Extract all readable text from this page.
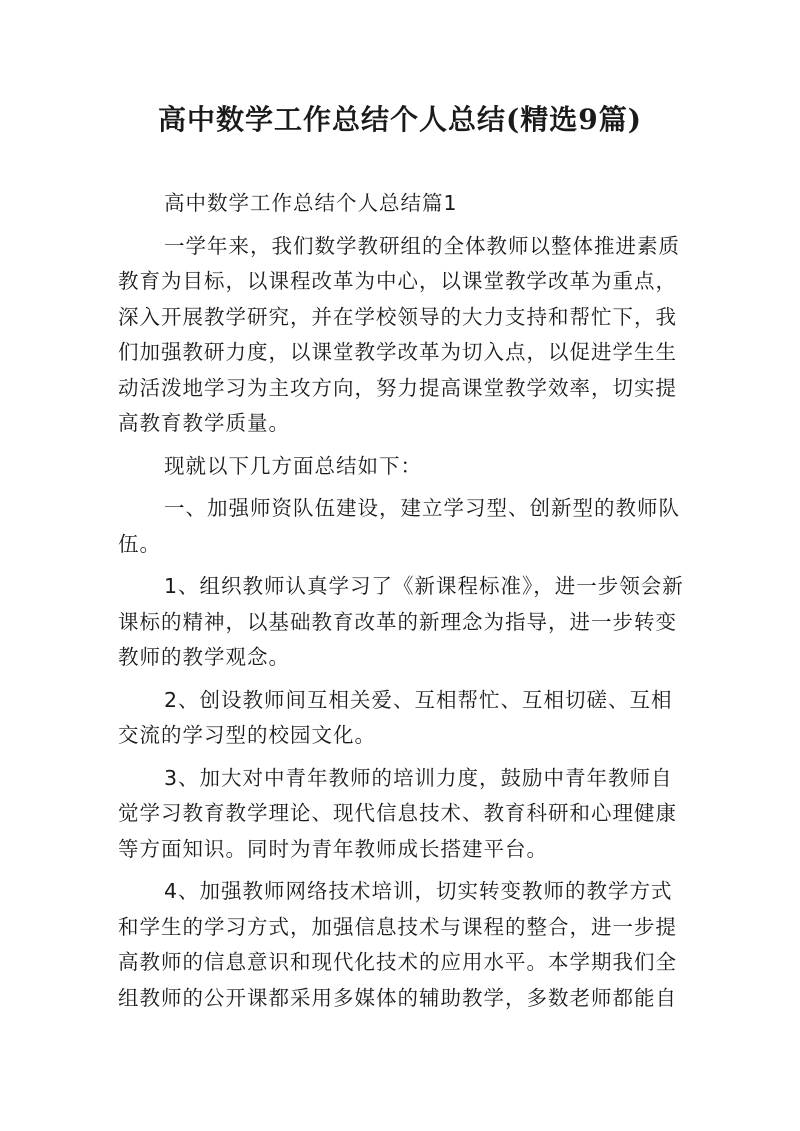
高中数学工作总结个人总结(精选9篇)
高中数学工作总结个人总结篇1
一学年来，我们数学教研组的全体教师以整体推进素质
教育为目标，以课程改革为中心，以课堂教学改革为重点，
深入开展教学研究，并在学校领导的大力支持和帮忙下，我
们加强教研力度，以课堂教学改革为切入点，以促进学生生
动活泼地学习为主攻方向，努力提高课堂教学效率，切实提
高教育教学质量。
现就以下几方面总结如下：
一、加强师资队伍建设，建立学习型、创新型的教师队
伍。
1、组织教师认真学习了《新课程标准》，进一步领会新
课标的精神，以基础教育改革的新理念为指导，进一步转变
教师的教学观念。
2、创设教师间互相关爱、互相帮忙、互相切磋、互相
交流的学习型的校园文化。
3、加大对中青年教师的培训力度，鼓励中青年教师自
觉学习教育教学理论、现代信息技术、教育科研和心理健康
等方面知识。同时为青年教师成长搭建平台。
4、加强教师网络技术培训，切实转变教师的教学方式
和学生的学习方式，加强信息技术与课程的整合，进一步提
高教师的信息意识和现代化技术的应用水平。本学期我们全
组教师的公开课都采用多媒体的辅助教学，多数老师都能自
